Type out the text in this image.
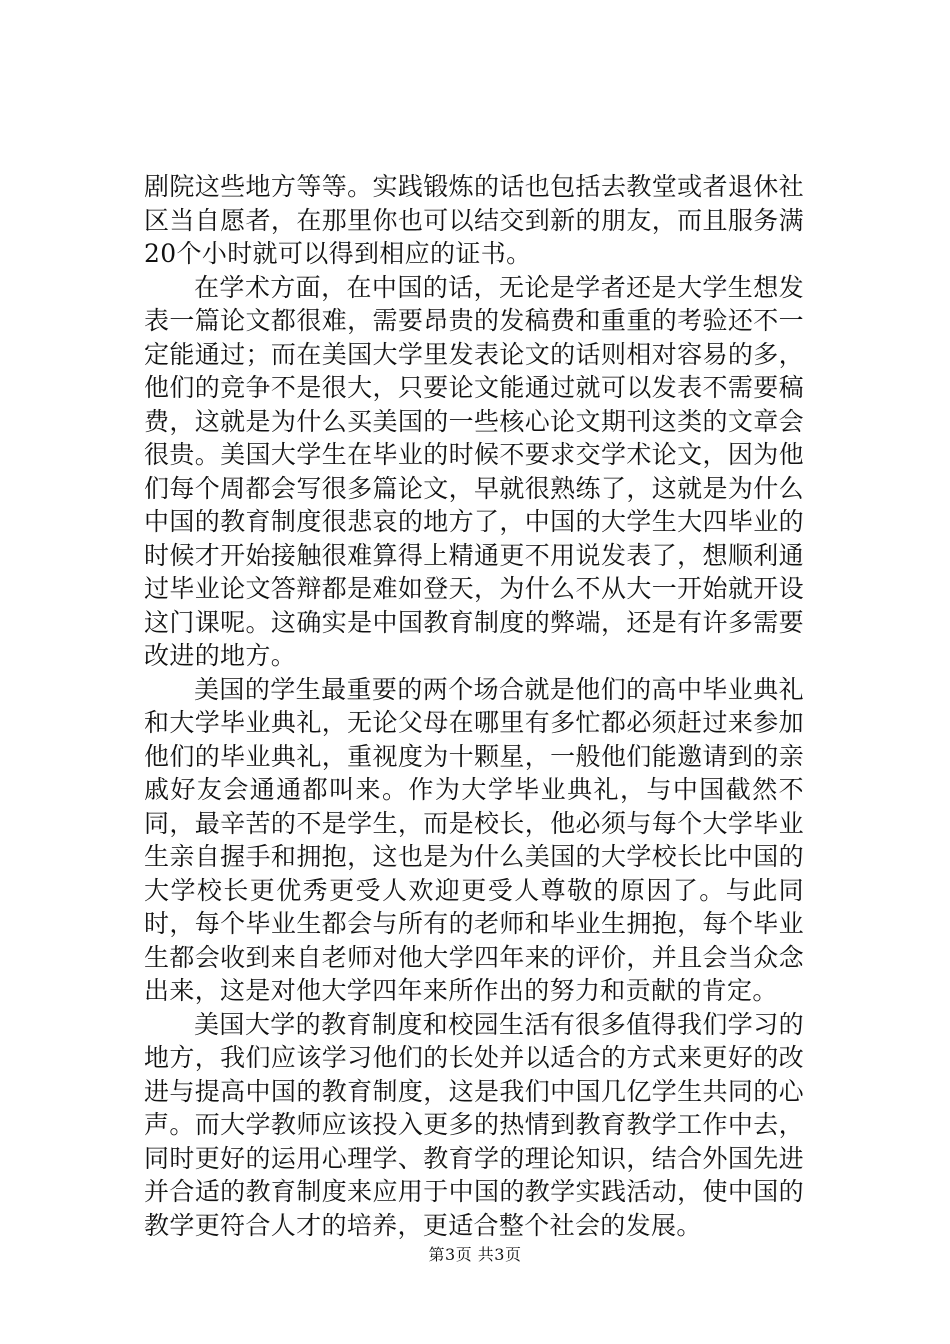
剧院这些地方等等。实践锻炼的话也包括去教堂或者退休社区当自愿者，在那里你也可以结交到新的朋友，而且服务满20个小时就可以得到相应的证书。

在学术方面，在中国的话，无论是学者还是大学生想发表一篇论文都很难，需要昂贵的发稿费和重重的考验还不一定能通过；而在美国大学里发表论文的话则相对容易的多，他们的竞争不是很大，只要论文能通过就可以发表不需要稿费，这就是为什么买美国的一些核心论文期刊这类的文章会很贵。美国大学生在毕业的时候不要求交学术论文，因为他们每个周都会写很多篇论文，早就很熟练了，这就是为什么中国的教育制度很悲哀的地方了，中国的大学生大四毕业的时候才开始接触很难算得上精通更不用说发表了，想顺利通过毕业论文答辩都是难如登天，为什么不从大一开始就开设这门课呢。这确实是中国教育制度的弊端，还是有许多需要改进的地方。

美国的学生最重要的两个场合就是他们的高中毕业典礼和大学毕业典礼，无论父母在哪里有多忙都必须赶过来参加他们的毕业典礼，重视度为十颗星，一般他们能邀请到的亲戚好友会通通都叫来。作为大学毕业典礼，与中国截然不同，最辛苦的不是学生，而是校长，他必须与每个大学毕业生亲自握手和拥抱，这也是为什么美国的大学校长比中国的大学校长更优秀更受人欢迎更受人尊敬的原因了。与此同时，每个毕业生都会与所有的老师和毕业生拥抱，每个毕业生都会收到来自老师对他大学四年来的评价，并且会当众念出来，这是对他大学四年来所作出的努力和贡献的肯定。

美国大学的教育制度和校园生活有很多值得我们学习的地方，我们应该学习他们的长处并以适合的方式来更好的改进与提高中国的教育制度，这是我们中国几亿学生共同的心声。而大学教师应该投入更多的热情到教育教学工作中去，同时更好的运用心理学、教育学的理论知识，结合外国先进并合适的教育制度来应用于中国的教学实践活动，使中国的教学更符合人才的培养，更适合整个社会的发展。

第3页 共3页
